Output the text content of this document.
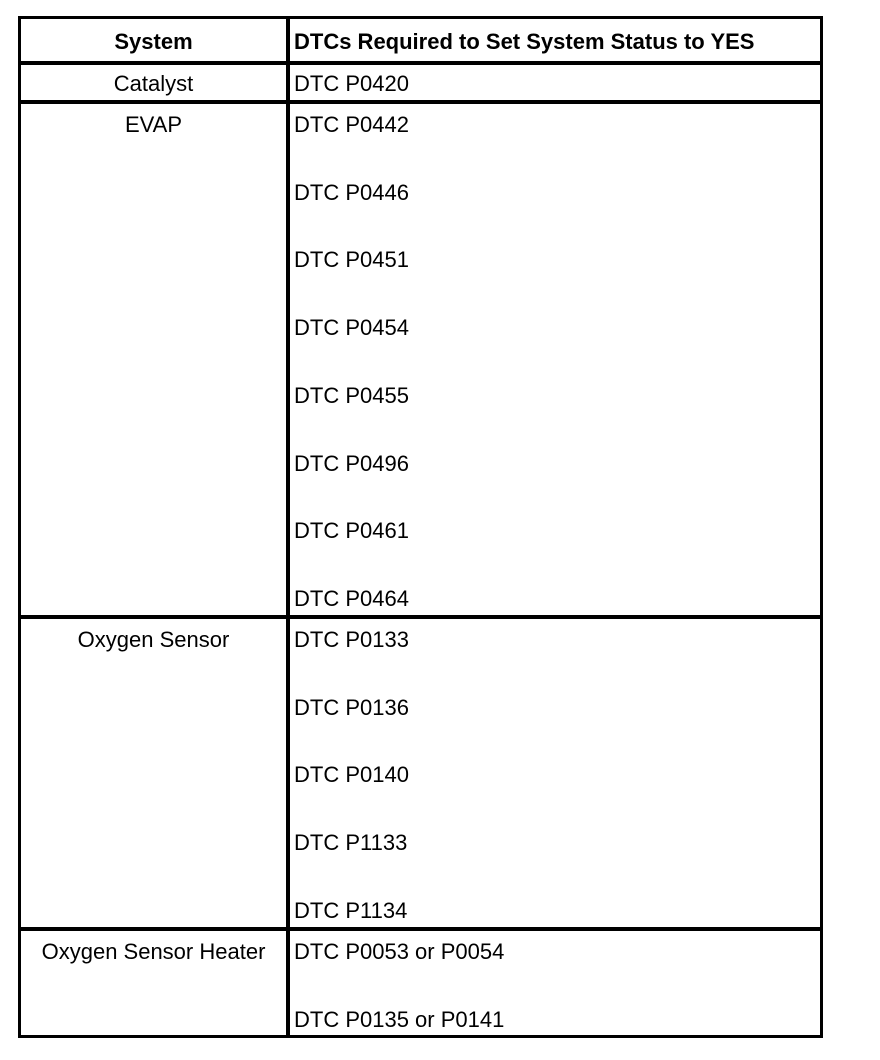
System	DTCs Required to Set System Status to YES
Catalyst	DTC P0420
EVAP	DTC P0442
DTC P0446
DTC P0451
DTC P0454
DTC P0455
DTC P0496
DTC P0461
DTC P0464
Oxygen Sensor	DTC P0133
DTC P0136
DTC P0140
DTC P1133
DTC P1134
Oxygen Sensor Heater	DTC P0053 or P0054
DTC P0135 or P0141
